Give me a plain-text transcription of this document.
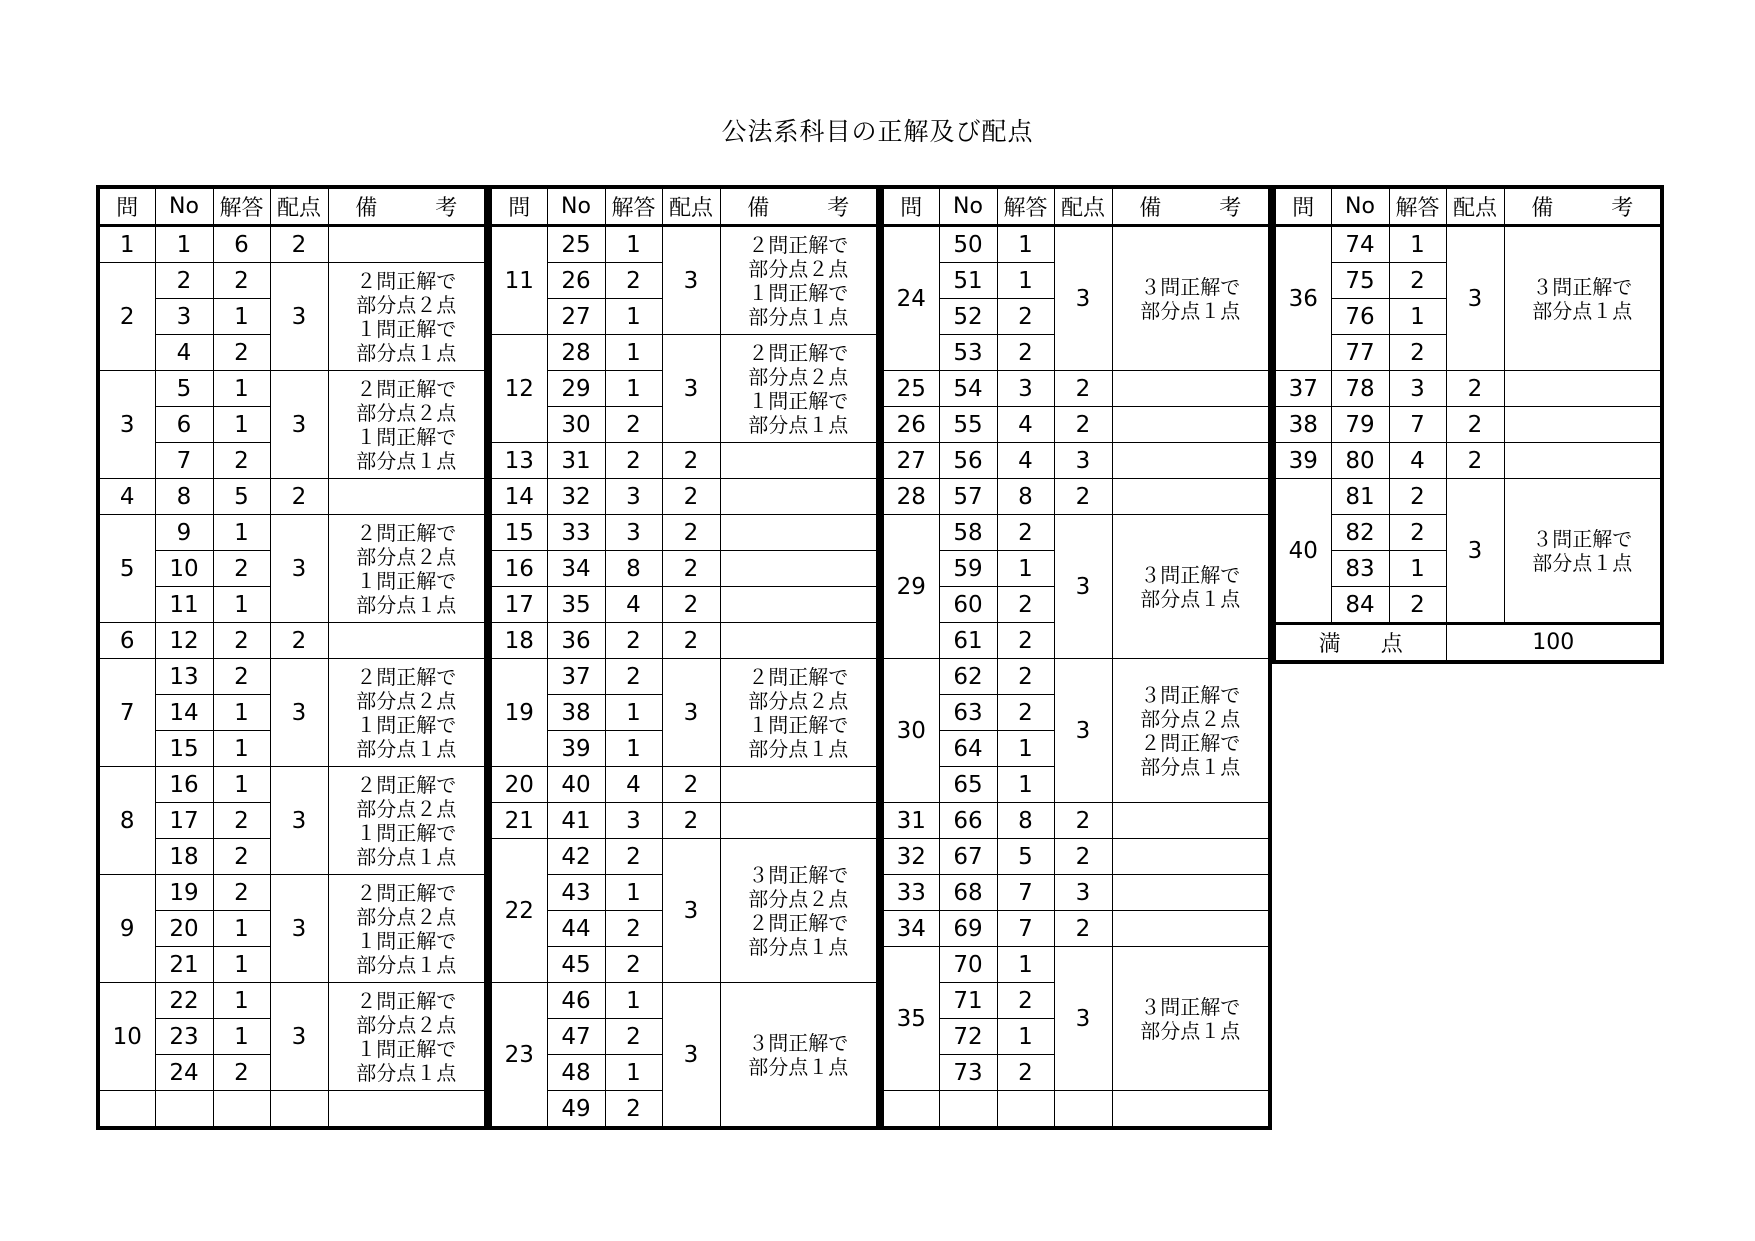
公法系科目の正解及び配点
問	No	解答	配点	備　考
1	1	6	2	
2	2	2	3	２問正解で
部分点２点
１問正解で
部分点１点

	3	1		
	4	2		
3	5	1	3	２問正解で
部分点２点
１問正解で
部分点１点

	6	1		
	7	2		
4	8	5	2	
5	9	1	3	２問正解で
部分点２点
１問正解で
部分点１点

	10	2		
	11	1		
6	12	2	2	
7	13	2	3	２問正解で
部分点２点
１問正解で
部分点１点

	14	1		
	15	1		
8	16	1	3	２問正解で
部分点２点
１問正解で
部分点１点

	17	2		
	18	2		
9	19	2	3	２問正解で
部分点２点
１問正解で
部分点１点

	20	1		
	21	1		
10	22	1	3	２問正解で
部分点２点
１問正解で
部分点１点

	23	1		
	24	2		

問	No	解答	配点	備　考
11	25	1	3	２問正解で
部分点２点
１問正解で
部分点１点

	26	2		
	27	1		
12	28	1	3	２問正解で
部分点２点
１問正解で
部分点１点

	29	1		
	30	2		
13	31	2	2	
14	32	3	2	
15	33	3	2	
16	34	8	2	
17	35	4	2	
18	36	2	2	
19	37	2	3	２問正解で
部分点２点
１問正解で
部分点１点

	38	1		
	39	1		
20	40	4	2	
21	41	3	2	
22	42	2	3	３問正解で
部分点２点
２問正解で
部分点１点

	43	1		
	44	2		
	45	2		
23	46	1	3	３問正解で
部分点１点

	47	2		
	48	1		
	49	2		
問	No	解答	配点	備　考
24	50	1	3	３問正解で
部分点１点

	51	1		
	52	2		
	53	2		
25	54	3	2	
26	55	4	2	
27	56	4	3	
28	57	8	2	
29	58	2	3	３問正解で
部分点１点

	59	1		
	60	2		
	61	2		
30	62	2	3	３問正解で
部分点２点
２問正解で
部分点１点

	63	2		
	64	1		
	65	1		
31	66	8	2	
32	67	5	2	
33	68	7	3	
34	69	7	2	
35	70	1	3	３問正解で
部分点１点

	71	2		
	72	1		
	73	2		

問	No	解答	配点	備　考
36	74	1	3	３問正解で
部分点１点

	75	2		
	76	1		
	77	2		
37	78	3	2	
38	79	7	2	
39	80	4	2	
40	81	2	3	３問正解で
部分点１点

	82	2		
	83	1		
	84	2		
満点			100	
